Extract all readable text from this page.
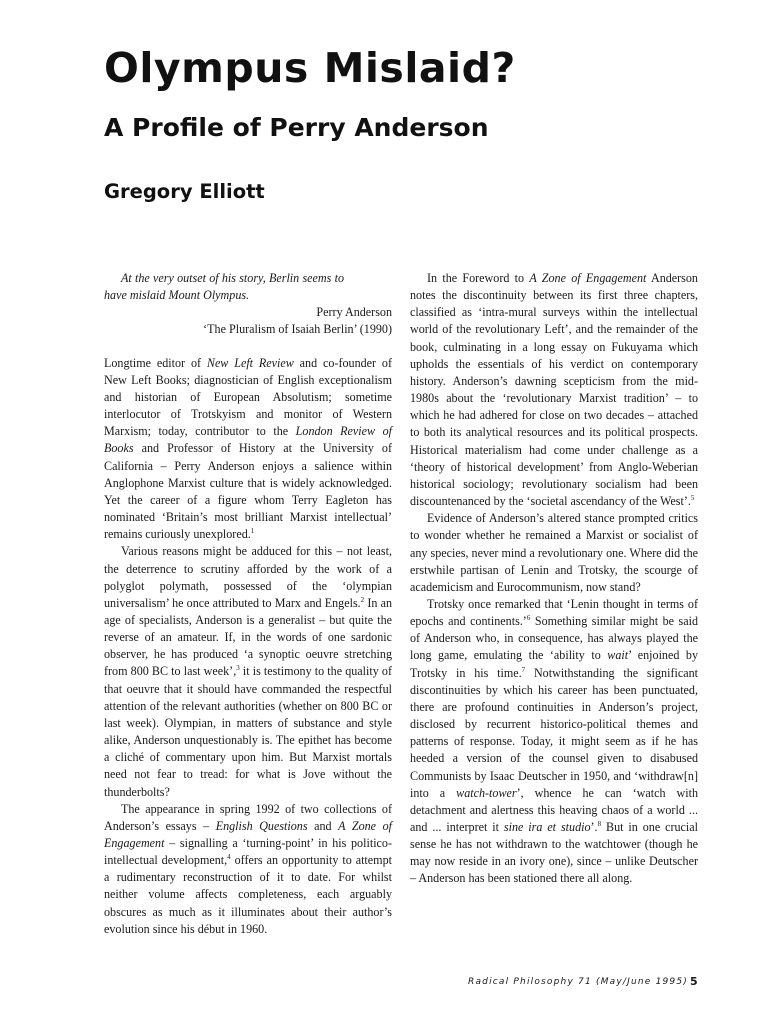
Olympus Mislaid?
A Profile of Perry Anderson
Gregory Elliott

At the very outset of his story, Berlin seems to have mislaid Mount Olympus.

Perry Anderson

‘The Pluralism of Isaiah Berlin’ (1990)

Longtime editor of New Left Review and co-founder of New Left Books; diagnostician of English exceptionalism and historian of European Absolutism; sometime interlocutor of Trotskyism and monitor of Western Marxism; today, contributor to the London Review of Books and Professor of History at the University of California – Perry Anderson enjoys a salience within Anglophone Marxist culture that is widely acknowledged. Yet the career of a figure whom Terry Eagleton has nominated ‘Britain’s most brilliant Marxist intellectual’ remains curiously unexplored.$^1$

Various reasons might be adduced for this – not least, the deterrence to scrutiny afforded by the work of a polyglot polymath, possessed of the ‘olympian universalism’ he once attributed to Marx and Engels.$^2$ In an age of specialists, Anderson is a generalist – but quite the reverse of an amateur. If, in the words of one sardonic observer, he has produced ‘a synoptic oeuvre stretching from 800 BC to last week’,$^3$ it is testimony to the quality of that oeuvre that it should have commanded the respectful attention of the relevant authorities (whether on 800 BC or last week). Olympian, in matters of substance and style alike, Anderson unquestionably is. The epithet has become a cliché of commentary upon him. But Marxist mortals need not fear to tread: for what is Jove without the thunderbolts?

The appearance in spring 1992 of two collections of Anderson’s essays – English Questions and A Zone of Engagement – signalling a ‘turning-point’ in his politico-intellectual development,$^4$ offers an opportunity to attempt a rudimentary reconstruction of it to date. For whilst neither volume affects completeness, each arguably obscures as much as it illuminates about their author’s evolution since his début in 1960.

In the Foreword to A Zone of Engagement Anderson notes the discontinuity between its first three chapters, classified as ‘intra-mural surveys within the intellectual world of the revolutionary Left’, and the remainder of the book, culminating in a long essay on Fukuyama which upholds the essentials of his verdict on contemporary history. Anderson’s dawning scepticism from the mid-1980s about the ‘revolutionary Marxist tradition’ – to which he had adhered for close on two decades – attached to both its analytical resources and its political prospects. Historical materialism had come under challenge as a ‘theory of historical development’ from Anglo-Weberian historical sociology; revolutionary socialism had been discountenanced by the ‘societal ascendancy of the West’.$^5$

Evidence of Anderson’s altered stance prompted critics to wonder whether he remained a Marxist or socialist of any species, never mind a revolutionary one. Where did the erstwhile partisan of Lenin and Trotsky, the scourge of academicism and Eurocommunism, now stand?

Trotsky once remarked that ‘Lenin thought in terms of epochs and continents.’$^6$ Something similar might be said of Anderson who, in consequence, has always played the long game, emulating the ‘ability to wait’ enjoined by Trotsky in his time.$^7$ Notwithstanding the significant discontinuities by which his career has been punctuated, there are profound continuities in Anderson’s project, disclosed by recurrent historico-political themes and patterns of response. Today, it might seem as if he has heeded a version of the counsel given to disabused Communists by Isaac Deutscher in 1950, and ‘withdraw[n] into a watch-tower’, whence he can ‘watch with detachment and alertness this heaving chaos of a world ... and ... interpret it sine ira et studio’.$^8$ But in one crucial sense he has not withdrawn to the watchtower (though he may now reside in an ivory one), since – unlike Deutscher – Anderson has been stationed there all along.

Radical Philosophy 71 (May/June 1995) 5
